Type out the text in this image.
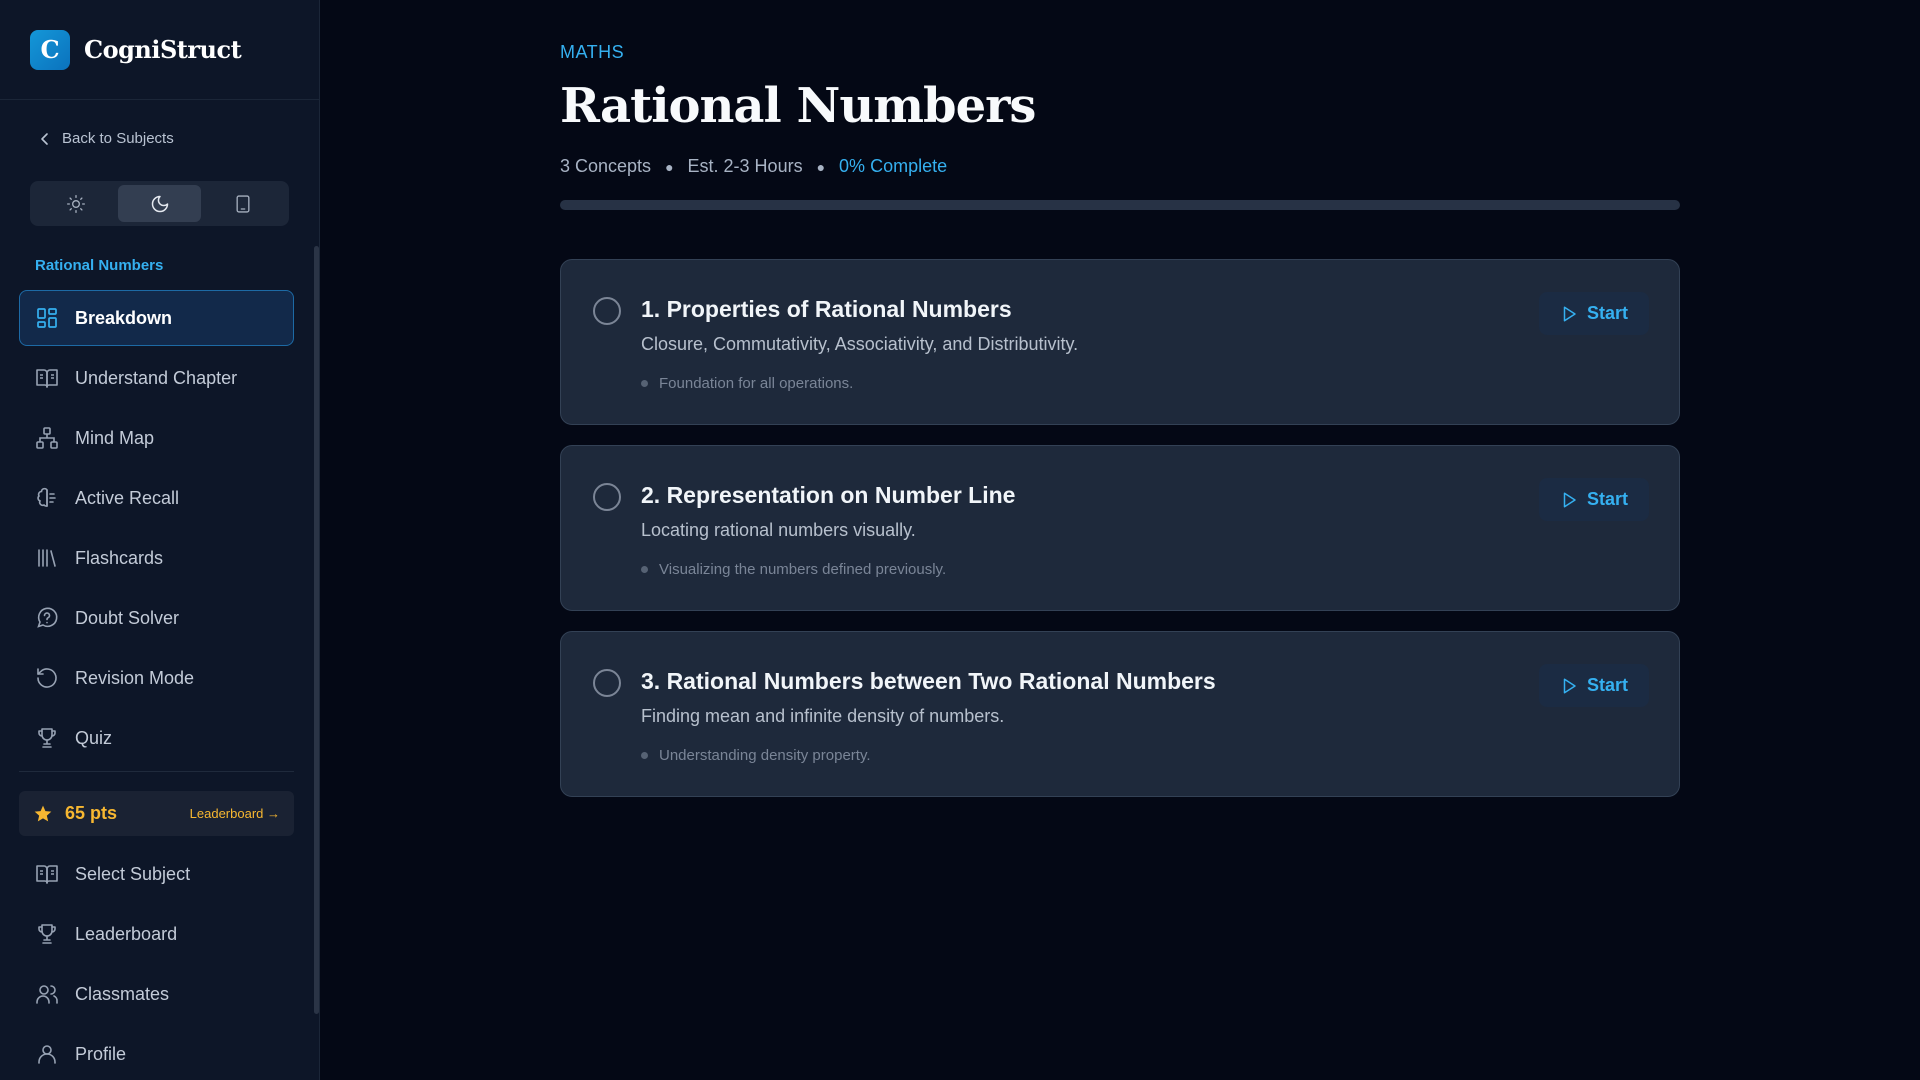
C	CogniStruct
Back to Subjects
Rational Numbers
Breakdown
Understand Chapter
Mind Map
Active Recall
Flashcards
Doubt Solver
Revision Mode
Quiz
65 pts	Leaderboard →
Select Subject
Leaderboard
Classmates
Profile
MATHS
Rational Numbers
3 Concepts ● Est. 2-3 Hours ● 0% Complete
1. Properties of Rational Numbers
Closure, Commutativity, Associativity, and Distributivity.
Foundation for all operations.
Start
2. Representation on Number Line
Locating rational numbers visually.
Visualizing the numbers defined previously.
Start
3. Rational Numbers between Two Rational Numbers
Finding mean and infinite density of numbers.
Understanding density property.
Start
